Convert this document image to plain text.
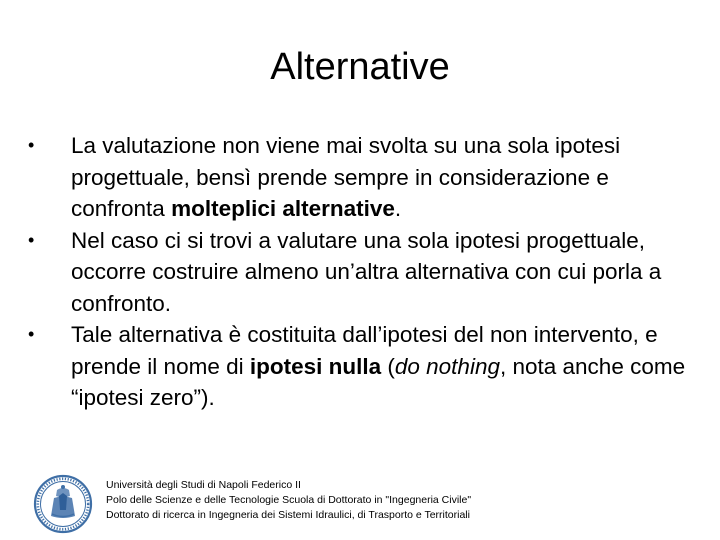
Alternative
• La valutazione non viene mai svolta su una sola ipotesi progettuale, bensì prende sempre in considerazione e confronta molteplici alternative.
• Nel caso ci si trovi a valutare una sola ipotesi progettuale, occorre costruire almeno un’altra alternativa con cui porla a confronto.
• Tale alternativa è costituita dall’ipotesi del non intervento, e prende il nome di ipotesi nulla (do nothing, nota anche come “ipotesi zero”).
Università degli Studi di Napoli Federico II
Polo delle Scienze e delle Tecnologie Scuola di Dottorato in "Ingegneria Civile"
Dottorato di ricerca in Ingegneria dei Sistemi Idraulici, di Trasporto e Territoriali
